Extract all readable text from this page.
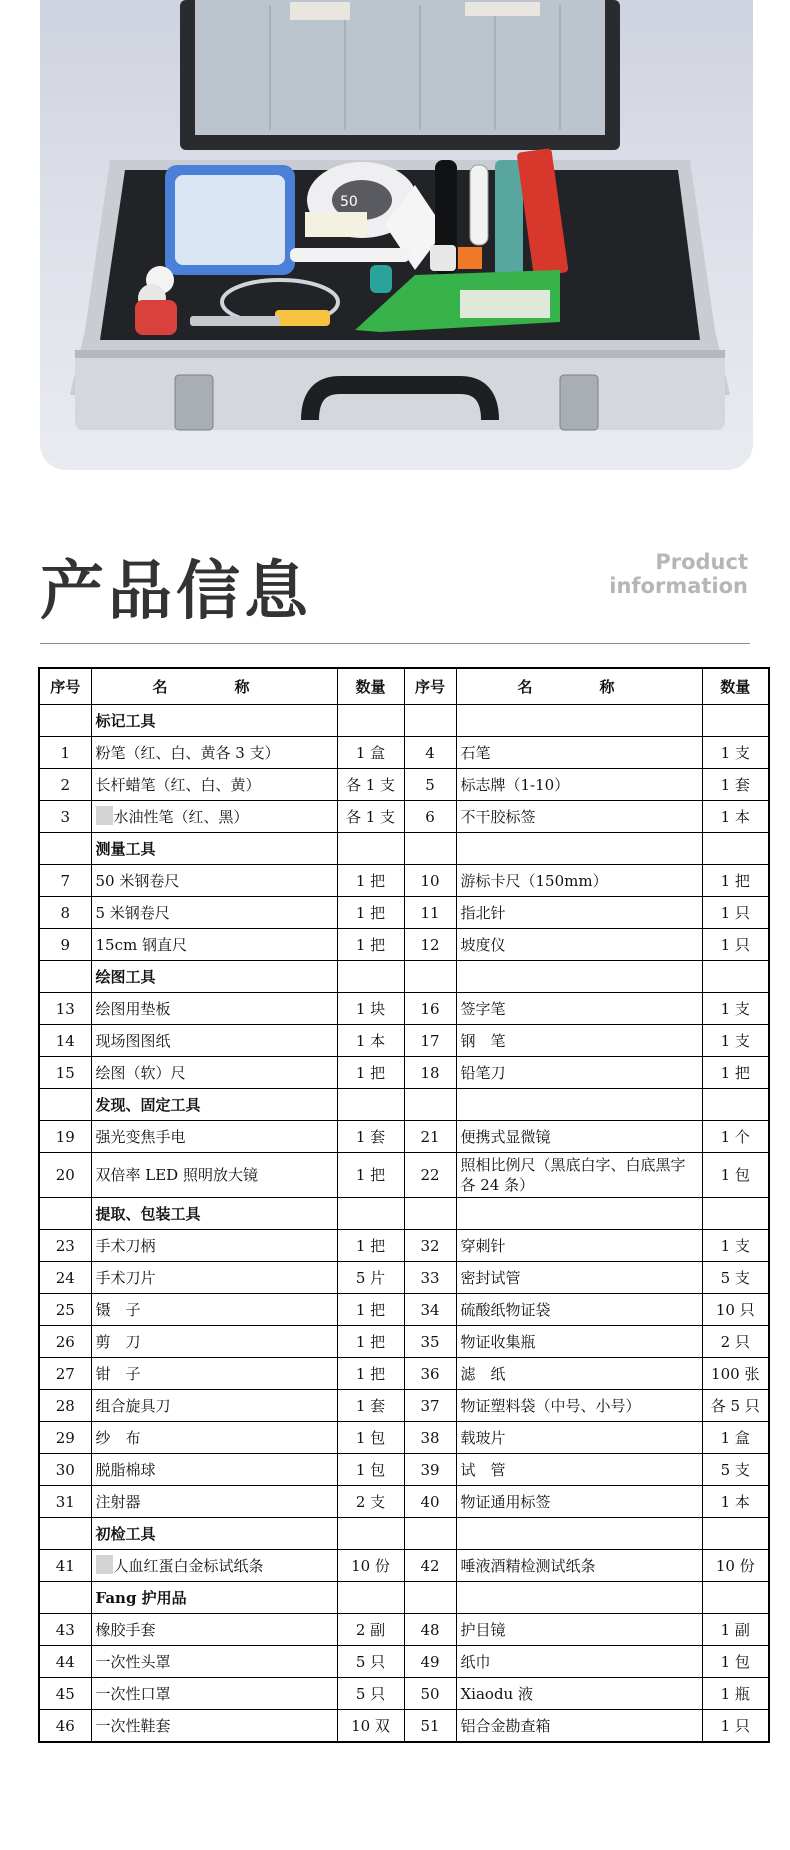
50
产品信息	Product
information
序号	名　称	数量	序号	名　称	数量
	标记工具				
1	粉笔（红、白、黄各 3 支）	1 盒	4	石笔	1 支
2	长杆蜡笔（红、白、黄）	各 1 支	5	标志牌（1-10）	1 套
3	水油性笔（红、黑）	各 1 支	6	不干胶标签	1 本
	测量工具				
7	50 米钢卷尺	1 把	10	游标卡尺（150mm）	1 把
8	5 米钢卷尺	1 把	11	指北针	1 只
9	15cm 钢直尺	1 把	12	坡度仪	1 只
	绘图工具				
13	绘图用垫板	1 块	16	签字笔	1 支
14	现场图图纸	1 本	17	钢　笔	1 支
15	绘图（软）尺	1 把	18	铅笔刀	1 把
	发现、固定工具				
19	强光变焦手电	1 套	21	便携式显微镜	1 个
20	双倍率 LED 照明放大镜	1 把	22	照相比例尺（黑底白字、白底黑字各 24 条）	1 包
	提取、包装工具				
23	手术刀柄	1 把	32	穿刺针	1 支
24	手术刀片	5 片	33	密封试管	5 支
25	镊　子	1 把	34	硫酸纸物证袋	10 只
26	剪　刀	1 把	35	物证收集瓶	2 只
27	钳　子	1 把	36	滤　纸	100 张
28	组合旋具刀	1 套	37	物证塑料袋（中号、小号）	各 5 只
29	纱　布	1 包	38	载玻片	1 盒
30	脱脂棉球	1 包	39	试　管	5 支
31	注射器	2 支	40	物证通用标签	1 本
	初检工具				
41	人血红蛋白金标试纸条	10 份	42	唾液酒精检测试纸条	10 份
	Fang 护用品				
43	橡胶手套	2 副	48	护目镜	1 副
44	一次性头罩	5 只	49	纸巾	1 包
45	一次性口罩	5 只	50	Xiaodu 液	1 瓶
46	一次性鞋套	10 双	51	铝合金勘查箱	1 只
